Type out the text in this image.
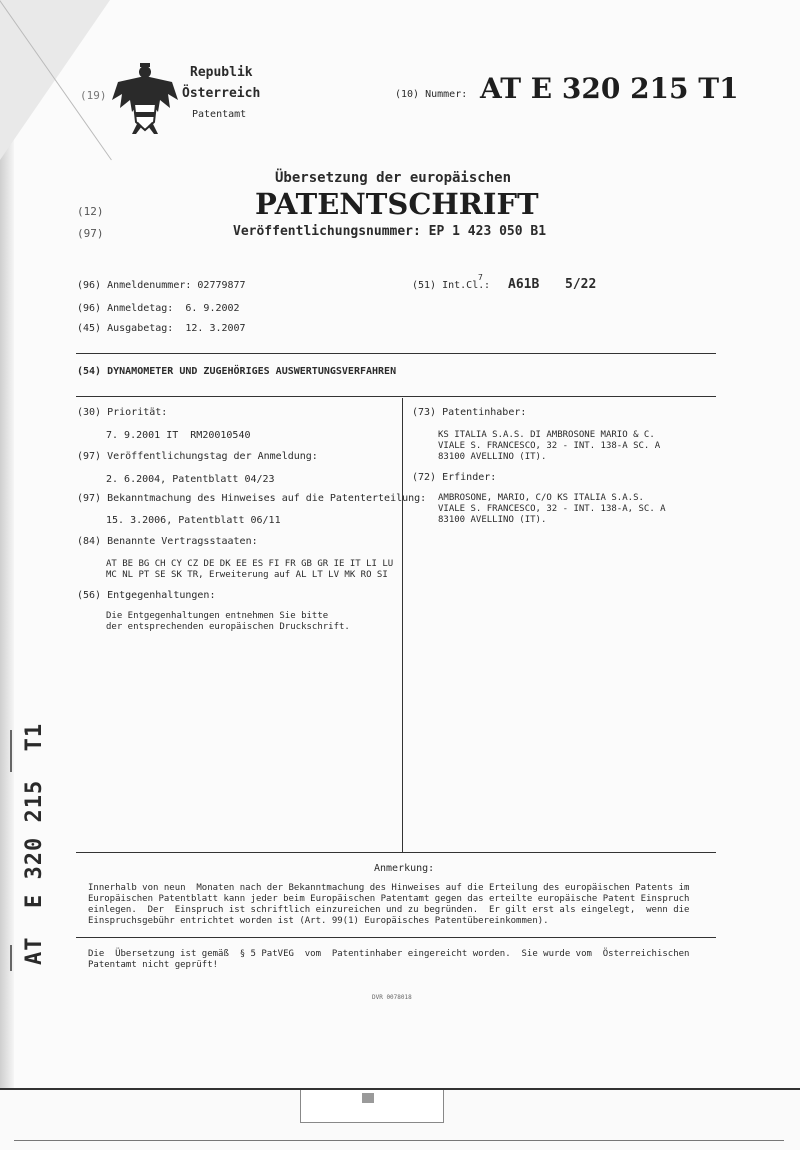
(19)
Republik
Österreich
Patentamt
(10) Nummer: AT E 320 215 T1
Übersetzung der europäischen
(12)	PATENTSCHRIFT
(97)	Veröffentlichungsnummer: EP 1 423 050 B1
(96) Anmeldenummer: 02779877
(96) Anmeldetag:  6. 9.2002
(45) Ausgabetag:  12. 3.2007
(51) Int.Cl.
7
: A61B 5/22
(54) DYNAMOMETER UND ZUGEHÖRIGES AUSWERTUNGSVERFAHREN
(30) Priorität:
7. 9.2001 IT  RM20010540
(97) Veröffentlichungstag der Anmeldung:
2. 6.2004, Patentblatt 04/23
(97) Bekanntmachung des Hinweises auf die Patenterteilung:
15. 3.2006, Patentblatt 06/11
(84) Benannte Vertragsstaaten:
AT BE BG CH CY CZ DE DK EE ES FI FR GB GR IE IT LI LU
MC NL PT SE SK TR, Erweiterung auf AL LT LV MK RO SI
(56) Entgegenhaltungen:
Die Entgegenhaltungen entnehmen Sie bitte
der entsprechenden europäischen Druckschrift.
(73) Patentinhaber:
KS ITALIA S.A.S. DI AMBROSONE MARIO & C.
VIALE S. FRANCESCO, 32 - INT. 138-A SC. A
83100 AVELLINO (IT).
(72) Erfinder:
AMBROSONE, MARIO, C/O KS ITALIA S.A.S.
VIALE S. FRANCESCO, 32 - INT. 138-A, SC. A
83100 AVELLINO (IT).
Anmerkung:
Innerhalb von neun  Monaten nach der Bekanntmachung des Hinweises auf die Erteilung des europäischen Patents im
Europäischen Patentblatt kann jeder beim Europäischen Patentamt gegen das erteilte europäische Patent Einspruch
einlegen.  Der  Einspruch ist schriftlich einzureichen und zu begründen.  Er gilt erst als eingelegt,  wenn die
Einspruchsgebühr entrichtet worden ist (Art. 99(1) Europäisches Patentübereinkommen).
Die  Übersetzung ist gemäß  § 5 PatVEG  vom  Patentinhaber eingereicht worden.  Sie wurde vom  Österreichischen
Patentamt nicht geprüft!
DVR 0078018
AT  E 320 215  T1
